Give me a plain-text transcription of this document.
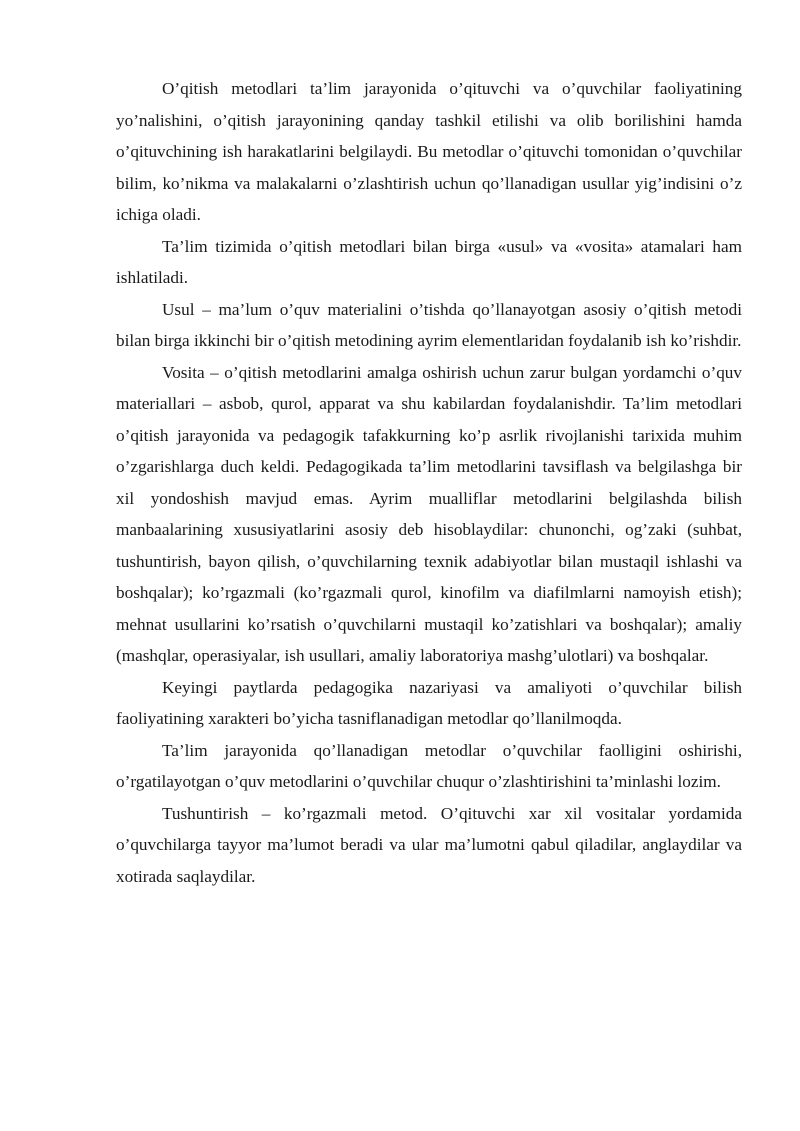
O’qitish metodlari ta’lim jarayonida o’qituvchi va o’quvchilar faoliyatining yo’nalishini, o’qitish jarayonining qanday tashkil etilishi va olib borilishini hamda o’qituvchining ish harakatlarini belgilaydi. Bu metodlar o’qituvchi tomonidan o’quvchilar bilim, ko’nikma va malakalarni o’zlashtirish uchun qo’llanadigan usullar yig’indisini o’z ichiga oladi.

Ta’lim tizimida o’qitish metodlari bilan birga «usul» va «vosita» atamalari ham ishlatiladi.

Usul – ma’lum o’quv materialini o’tishda qo’llanayotgan asosiy o’qitish metodi bilan birga ikkinchi bir o’qitish metodining ayrim elementlaridan foydalanib ish ko’rishdir.

Vosita – o’qitish metodlarini amalga oshirish uchun zarur bulgan yordamchi o’quv materiallari – asbob, qurol, apparat va shu kabilardan foydalanishdir. Ta’lim metodlari o’qitish jarayonida va pedagogik tafakkurning ko’p asrlik rivojlanishi tarixida muhim o’zgarishlarga duch keldi. Pedagogikada ta’lim metodlarini tavsiflash va belgilashga bir xil yondoshish mavjud emas. Ayrim mualliflar metodlarini belgilashda bilish manbaalarining xususiyatlarini asosiy deb hisoblaydilar: chunonchi, og’zaki (suhbat, tushuntirish, bayon qilish, o’quvchilarning texnik adabiyotlar bilan mustaqil ishlashi va boshqalar); ko’rgazmali (ko’rgazmali qurol, kinofilm va diafilmlarni namoyish etish); mehnat usullarini ko’rsatish o’quvchilarni mustaqil ko’zatishlari va boshqalar); amaliy (mashqlar, operasiyalar, ish usullari, amaliy laboratoriya mashg’ulotlari) va boshqalar.

Keyingi paytlarda pedagogika nazariyasi va amaliyoti o’quvchilar bilish faoliyatining xarakteri bo’yicha tasniflanadigan metodlar qo’llanilmoqda.

Ta’lim jarayonida qo’llanadigan metodlar o’quvchilar faolligini oshirishi, o’rgatilayotgan o’quv metodlarini o’quvchilar chuqur o’zlashtirishini ta’minlashi lozim.

Tushuntirish – ko’rgazmali metod. O’qituvchi xar xil vositalar yordamida o’quvchilarga tayyor ma’lumot beradi va ular ma’lumotni qabul qiladilar, anglaydilar va xotirada saqlaydilar.
